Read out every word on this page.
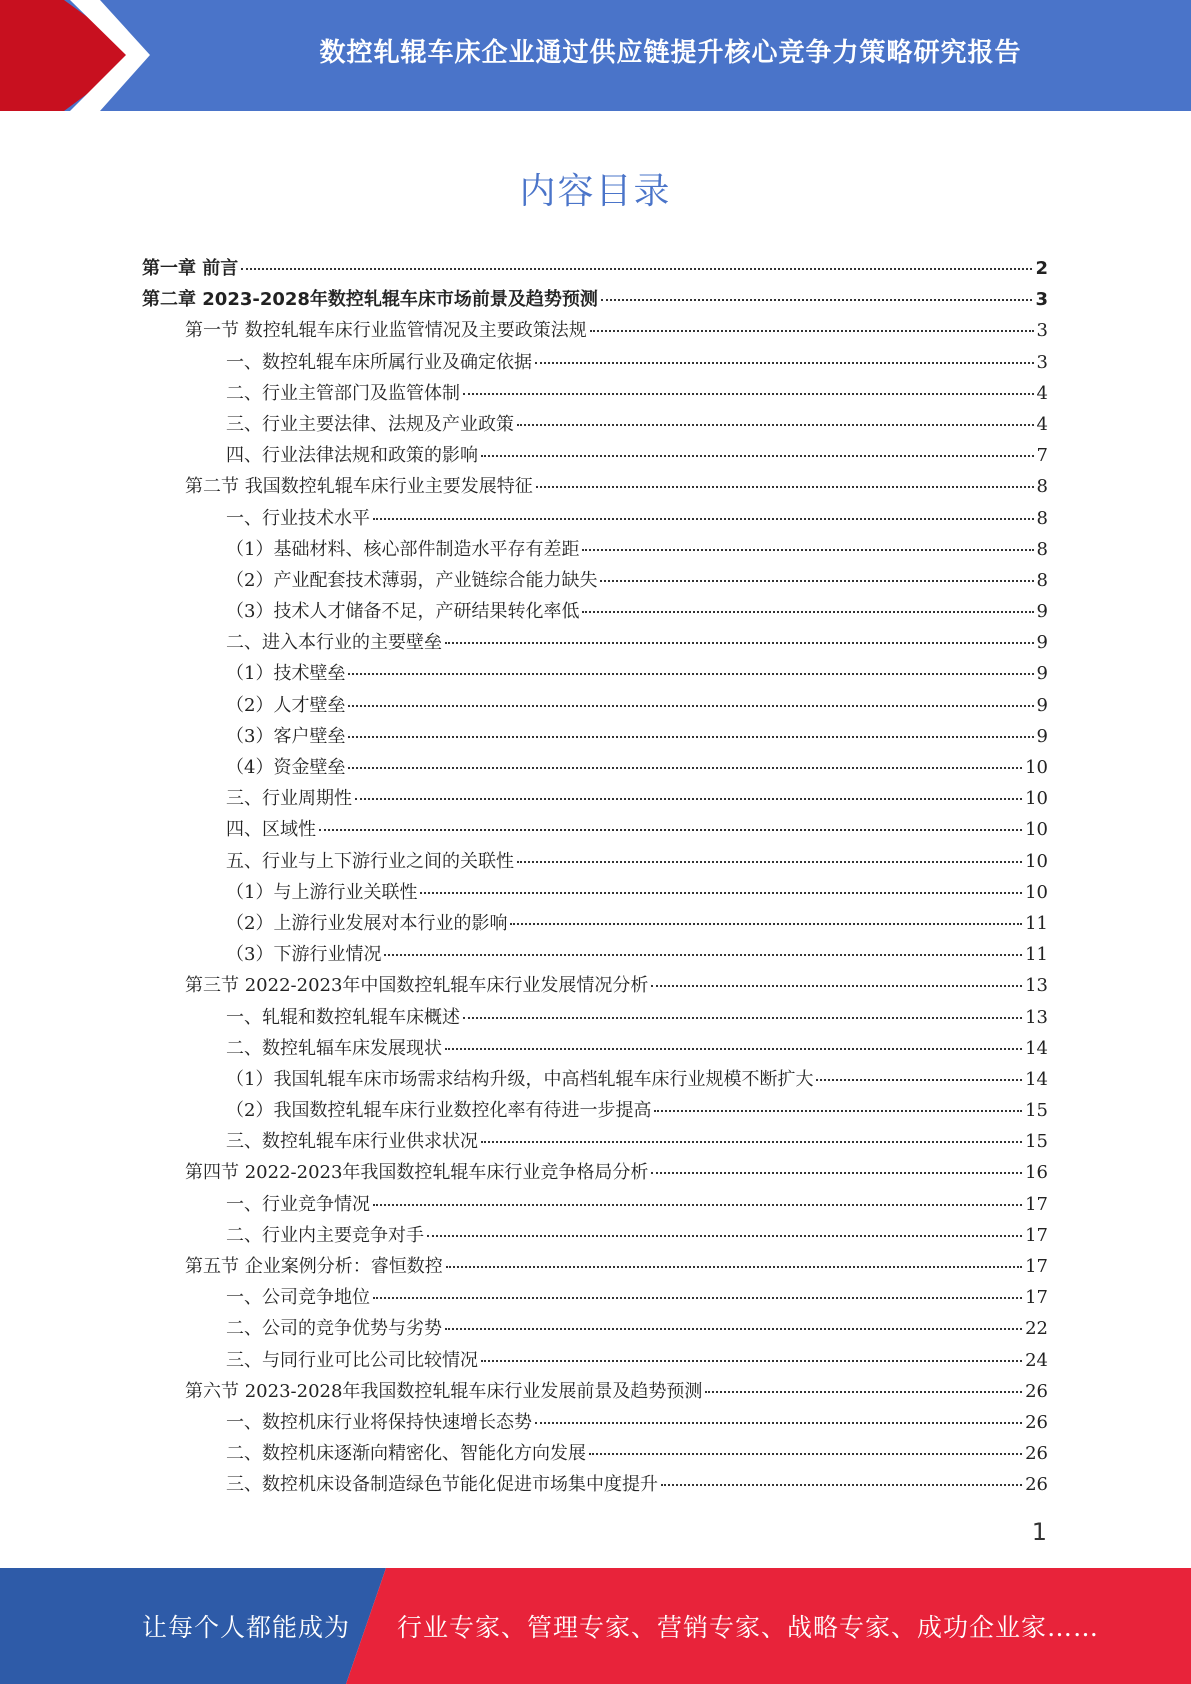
数控轧辊车床企业通过供应链提升核心竞争力策略研究报告
内容目录
第一章 前言	2
第二章 2023-2028年数控轧辊车床市场前景及趋势预测	3
第一节 数控轧辊车床行业监管情况及主要政策法规	3
一、数控轧辊车床所属行业及确定依据	3
二、行业主管部门及监管体制	4
三、行业主要法律、法规及产业政策	4
四、行业法律法规和政策的影响	7
第二节 我国数控轧辊车床行业主要发展特征	8
一、行业技术水平	8
（1）基础材料、核心部件制造水平存有差距	8
（2）产业配套技术薄弱，产业链综合能力缺失	8
（3）技术人才储备不足，产研结果转化率低	9
二、进入本行业的主要壁垒	9
（1）技术壁垒	9
（2）人才壁垒	9
（3）客户壁垒	9
（4）资金壁垒	10
三、行业周期性	10
四、区域性	10
五、行业与上下游行业之间的关联性	10
（1）与上游行业关联性	10
（2）上游行业发展对本行业的影响	11
（3）下游行业情况	11
第三节 2022-2023年中国数控轧辊车床行业发展情况分析	13
一、轧辊和数控轧辊车床概述	13
二、数控轧辐车床发展现状	14
（1）我国轧辊车床市场需求结构升级，中高档轧辊车床行业规模不断扩大	14
（2）我国数控轧辊车床行业数控化率有待进一步提高	15
三、数控轧辊车床行业供求状况	15
第四节 2022-2023年我国数控轧辊车床行业竞争格局分析	16
一、行业竞争情况	17
二、行业内主要竞争对手	17
第五节 企业案例分析：睿恒数控	17
一、公司竞争地位	17
二、公司的竞争优势与劣势	22
三、与同行业可比公司比较情况	24
第六节 2023-2028年我国数控轧辊车床行业发展前景及趋势预测	26
一、数控机床行业将保持快速增长态势	26
二、数控机床逐渐向精密化、智能化方向发展	26
三、数控机床设备制造绿色节能化促进市场集中度提升	26
1
让每个人都能成为 行业专家、管理专家、营销专家、战略专家、成功企业家……
